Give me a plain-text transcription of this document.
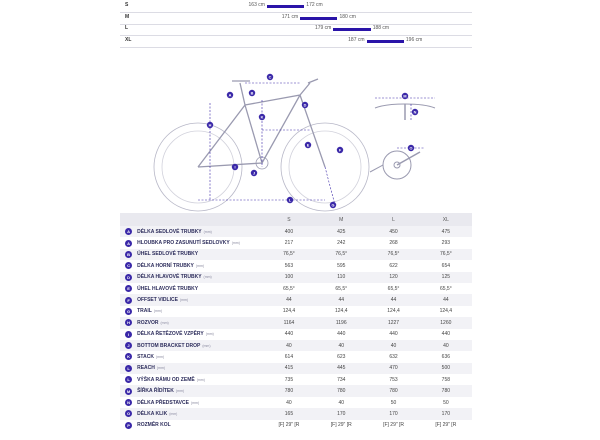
S	163 cm	172 cm
M	171 cm	180 cm
L	179 cm	188 cm
XL	187 cm	196 cm
C
A	B
D
H
E
F
G
K
I
J
L
M
N
O
		S	M	L	XL
A	DÉLKA SEDLOVÉ TRUBKY (mm)	400	425	450	475
A	HLOUBKA PRO ZASUNUTÍ SEDLOVKY (mm)	217	242	268	293
B	ÚHEL SEDLOVÉ TRUBKY	76,5°	76,5°	76,5°	76,5°
C	DÉLKA HORNÍ TRUBKY (mm)	563	595	622	654
D	DÉLKA HLAVOVÉ TRUBKY (mm)	100	110	120	125
E	ÚHEL HLAVOVÉ TRUBKY	65,5°	65,5°	65,5°	65,5°
F	OFFSET VIDLICE (mm)	44	44	44	44
G	TRAIL (mm)	124,4	124,4	124,4	124,4
H	ROZVOR (mm)	1164	1196	1227	1260
I	DÉLKA ŘETĚZOVÉ VZPĚRY (mm)	440	440	440	440
J	BOTTOM BRACKET DROP (mm)	40	40	40	40
K	STACK (mm)	614	623	632	636
L	REACH (mm)	415	445	470	500
L	VÝŠKA RÁMU OD ZEMĚ (mm)	735	734	753	758
M	ŠÍŘKA ŘÍDÍTEK (mm)	780	780	780	780
N	DÉLKA PŘEDSTAVCE (mm)	40	40	50	50
O	DÉLKA KLIK (mm)	165	170	170	170
P	ROZMĚR KOL	[F] 29" [R	[F] 29" [R	[F] 29" [R	[F] 29" [R
